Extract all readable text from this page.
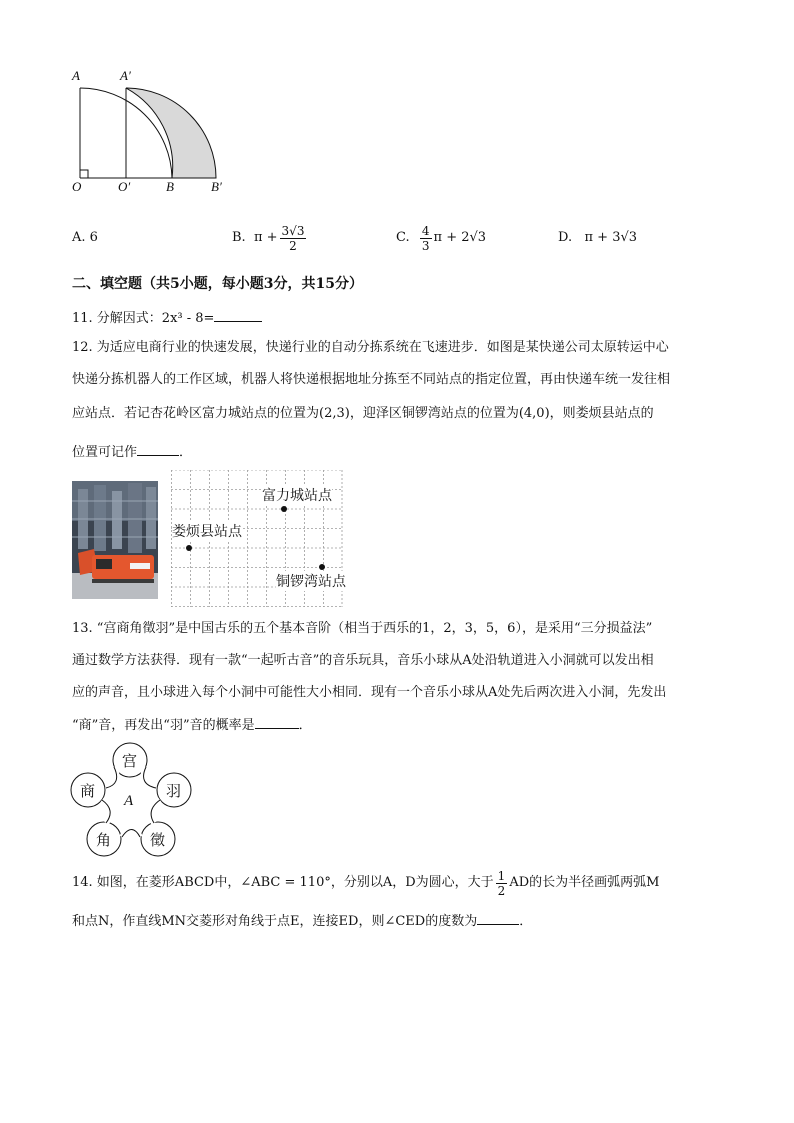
A	A′
O	O′	B	B′
A. 6	B.
$\pi + \frac{3√3}{2}$	C.
$\frac{4}{3}$ π + 2√3	D. π + 3√3
二、填空题（共5小题，每小题3分，共15分）
11. 分解因式：2x³ - 8=
12. 为适应电商行业的快速发展，快递行业的自动分拣系统在飞速进步．如图是某快递公司太原转运中心
快递分拣机器人的工作区域，机器人将快递根据地址分拣至不同站点的指定位置，再由快递车统一发往相
应站点．若记杏花岭区富力城站点的位置为(2,3)，迎泽区铜锣湾站点的位置为(4,0)，则娄烦县站点的
位置可记作	．
富力城站点
娄烦县站点
铜锣湾站点
13. “宫商角徵羽”是中国古乐的五个基本音阶（相当于西乐的1，2，3，5，6），是采用“三分损益法”
通过数学方法获得．现有一款“一起听古音”的音乐玩具，音乐小球从A处沿轨道进入小洞就可以发出相
应的声音，且小球进入每个小洞中可能性大小相同．现有一个音乐小球从A处先后两次进入小洞，先发出
“商”音，再发出“羽”音的概率是	．
宫
羽
徵
角
商
A
14. 如图，在菱形ABCD中，∠ABC = 110°，分别以A，D为圆心，大于 $\frac{1}{2}$ AD的长为半径画弧两弧M
和点N，作直线MN交菱形对角线于点E，连接ED，则∠CED的度数为	．
